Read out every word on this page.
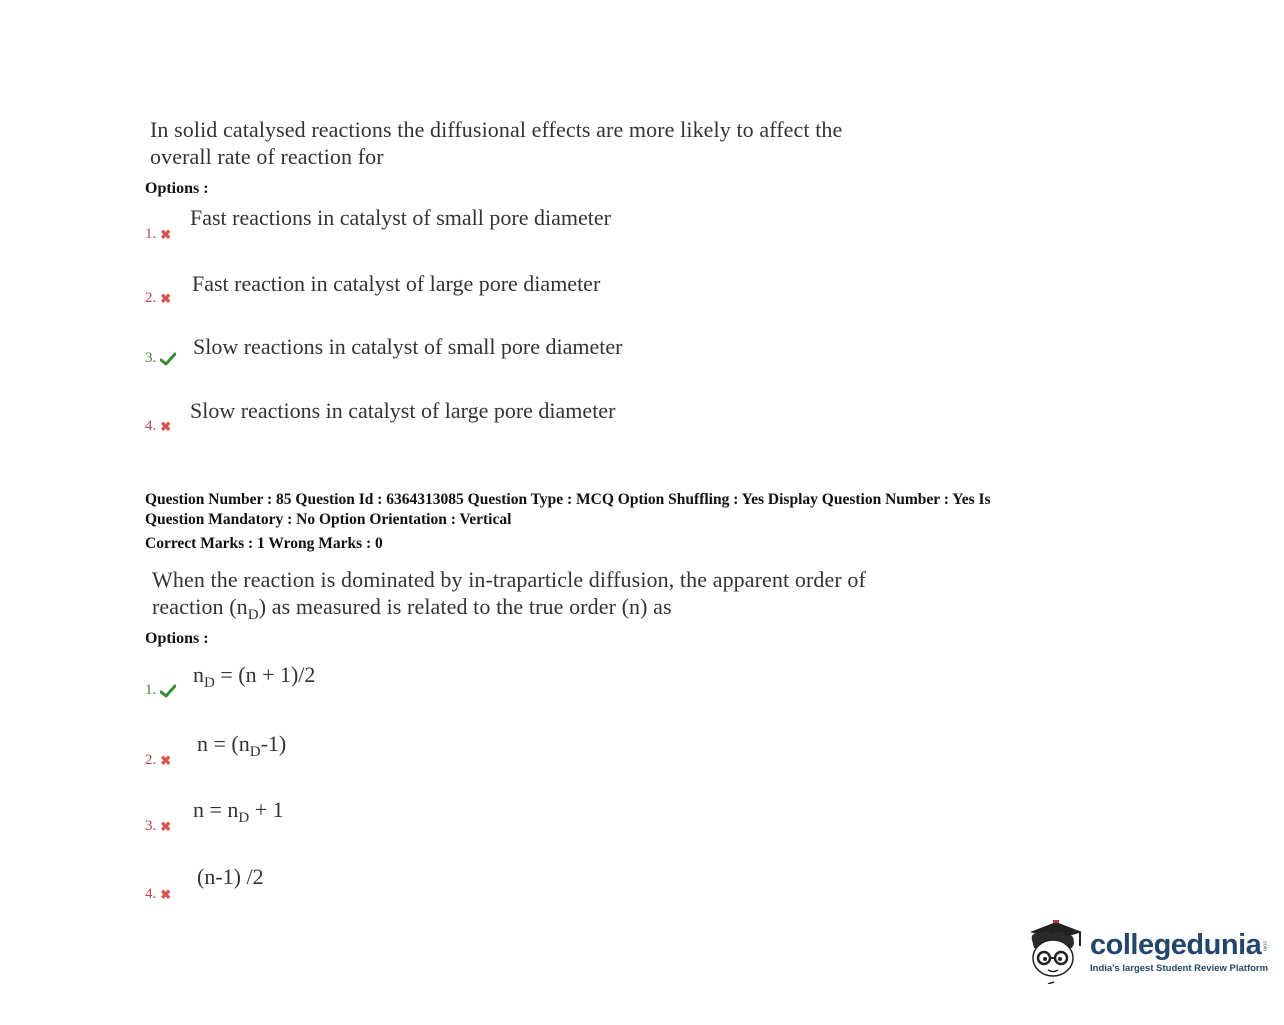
In solid catalysed reactions the diffusional effects are more likely to affect the
overall rate of reaction for
Options :
1. ✖
Fast reactions in catalyst of small pore diameter
2. ✖
Fast reaction in catalyst of large pore diameter
3. Slow reactions in catalyst of small pore diameter
4. ✖
Slow reactions in catalyst of large pore diameter
Question Number : 85 Question Id : 6364313085 Question Type : MCQ Option Shuffling : Yes Display Question Number : Yes Is
Question Mandatory : No Option Orientation : Vertical
Correct Marks : 1 Wrong Marks : 0
When the reaction is dominated by in-traparticle diffusion, the apparent order of
reaction $(n_D)$ as measured is related to the true order (n) as
Options :
1.
$n_D = (n + 1)/2$
2. ✖
$n = (n_D-1)$
3. ✖
$n = n_D + 1$
4. ✖
(n-1) /2
collegedunia .com
India's largest Student Review Platform
